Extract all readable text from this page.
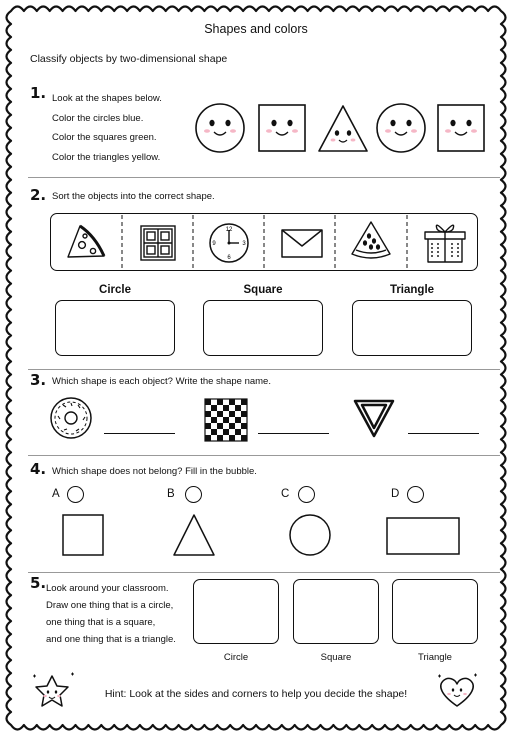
Shapes and colors
Classify objects by two-dimensional shape
1. Look at the shapes below.
Color the circles blue.
Color the squares green.
Color the triangles yellow.
2. Sort the objects into the correct shape.
12
3
6
9
Circle	Square	Triangle
3. Which shape is each object? Write the shape name.
4. Which shape does not belong? Fill in the bubble.
A	B	C	D
5. Look around your classroom.
Draw one thing that is a circle,
one thing that is a square,
and one thing that is a triangle.
Circle	Square	Triangle
Hint: Look at the sides and corners to help you decide the shape!
